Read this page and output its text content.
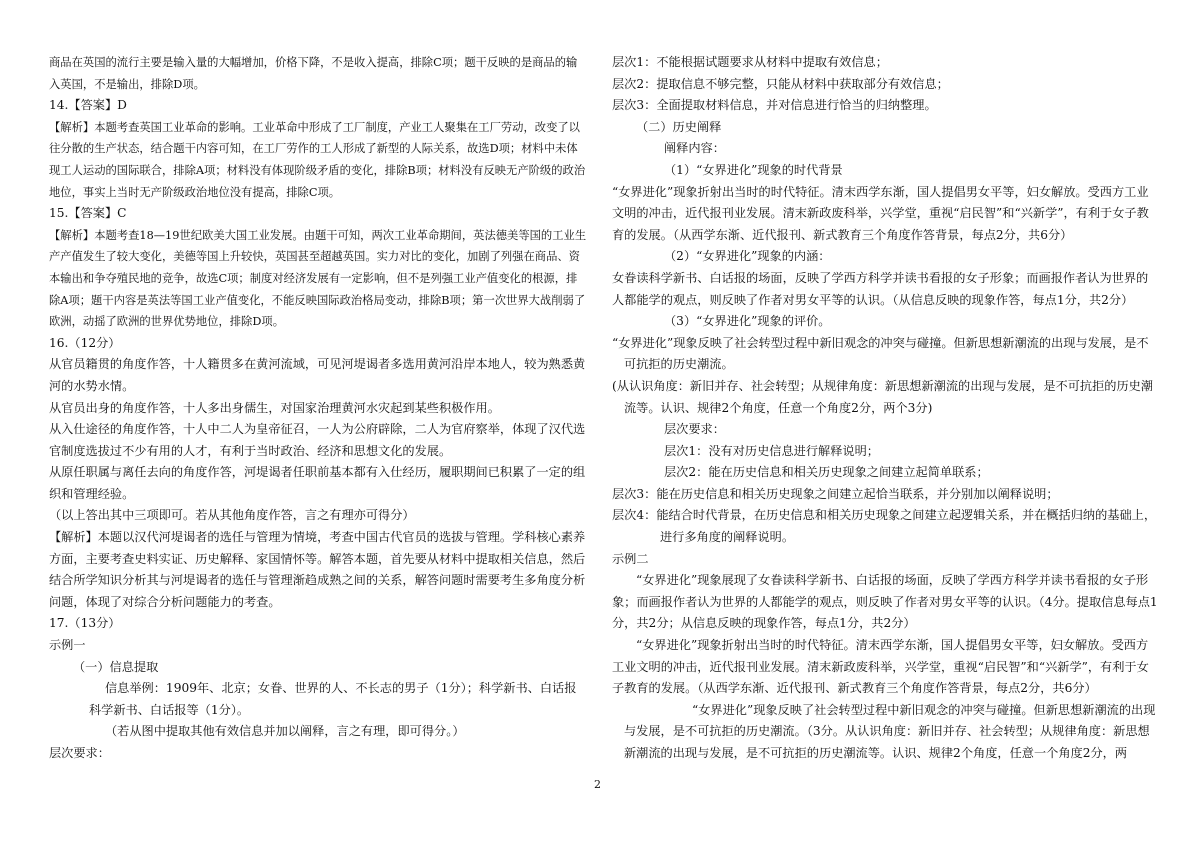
商品在英国的流行主要是输入量的大幅增加，价格下降，不是收入提高，排除C项；题干反映的是商品的输入英国，不是输出，排除D项。

14.【答案】D

【解析】本题考查英国工业革命的影响。工业革命中形成了工厂制度，产业工人聚集在工厂劳动，改变了以往分散的生产状态，结合题干内容可知，在工厂劳作的工人形成了新型的人际关系，故选D项；材料中未体现工人运动的国际联合，排除A项；材料没有体现阶级矛盾的变化，排除B项；材料没有反映无产阶级的政治地位，事实上当时无产阶级政治地位没有提高，排除C项。

15.【答案】C

【解析】本题考查18—19世纪欧美大国工业发展。由题干可知，两次工业革命期间，英法德美等国的工业生产产值发生了较大变化，美德等国上升较快，英国甚至超越英国。实力对比的变化，加剧了列强在商品、资本输出和争夺殖民地的竞争，故选C项；制度对经济发展有一定影响，但不是列强工业产值变化的根源，排除A项；题干内容是英法等国工业产值变化，不能反映国际政治格局变动，排除B项；第一次世界大战削弱了欧洲，动摇了欧洲的世界优势地位，排除D项。

16.（12分）

从官员籍贯的角度作答，十人籍贯多在黄河流域，可见河堤谒者多选用黄河沿岸本地人，较为熟悉黄河的水势水情。

从官员出身的角度作答，十人多出身儒生，对国家治理黄河水灾起到某些积极作用。

从入仕途径的角度作答，十人中二人为皇帝征召，一人为公府辟除，二人为官府察举，体现了汉代选官制度选拔过不少有用的人才，有利于当时政治、经济和思想文化的发展。

从原任职属与离任去向的角度作答，河堤谒者任职前基本都有入仕经历，履职期间已积累了一定的组织和管理经验。

（以上答出其中三项即可。若从其他角度作答，言之有理亦可得分）

【解析】本题以汉代河堤谒者的选任与管理为情境，考查中国古代官员的选拔与管理。学科核心素养方面，主要考查史料实证、历史解释、家国情怀等。解答本题，首先要从材料中提取相关信息，然后结合所学知识分析其与河堤谒者的选任与管理渐趋成熟之间的关系，解答问题时需要考生多角度分析问题，体现了对综合分析问题能力的考查。

17.（13分）

示例一

（一）信息提取

信息举例：1909年、北京；女眷、世界的人、不长志的男子（1分）；科学新书、白话报科学新书、白话报等（1分）。

（若从图中提取其他有效信息并加以阐释，言之有理，即可得分。）

层次要求：

层次1：不能根据试题要求从材料中提取有效信息；

层次2：提取信息不够完整，只能从材料中获取部分有效信息；

层次3：全面提取材料信息，并对信息进行恰当的归纳整理。

（二）历史阐释

阐释内容：

（1）“女界进化”现象的时代背景

“女界进化”现象折射出当时的时代特征。清末西学东渐，国人提倡男女平等，妇女解放。受西方工业文明的冲击，近代报刊业发展。清末新政废科举，兴学堂，重视“启民智”和“兴新学”，有利于女子教育的发展。（从西学东渐、近代报刊、新式教育三个角度作答背景，每点2分，共6分）

（2）“女界进化”现象的内涵：

女眷读科学新书、白话报的场面，反映了学西方科学并读书看报的女子形象；而画报作者认为世界的人都能学的观点，则反映了作者对男女平等的认识。（从信息反映的现象作答，每点1分，共2分）

（3）“女界进化”现象的评价。

“女界进化”现象反映了社会转型过程中新旧观念的冲突与碰撞。但新思想新潮流的出现与发展，是不可抗拒的历史潮流。

(从认识角度：新旧并存、社会转型；从规律角度：新思想新潮流的出现与发展，是不可抗拒的历史潮流等。认识、规律2个角度，任意一个角度2分，两个3分)

层次要求：

层次1：没有对历史信息进行解释说明；

层次2：能在历史信息和相关历史现象之间建立起简单联系；

层次3：能在历史信息和相关历史现象之间建立起恰当联系，并分别加以阐释说明；

层次4：能结合时代背景，在历史信息和相关历史现象之间建立起逻辑关系，并在概括归纳的基础上，进行多角度的阐释说明。

示例二

“女界进化”现象展现了女眷读科学新书、白话报的场面，反映了学西方科学并读书看报的女子形象；而画报作者认为世界的人都能学的观点，则反映了作者对男女平等的认识。（4分。提取信息每点1分，共2分；从信息反映的现象作答，每点1分，共2分）

“女界进化”现象折射出当时的时代特征。清末西学东渐，国人提倡男女平等，妇女解放。受西方工业文明的冲击，近代报刊业发展。清末新政废科举，兴学堂，重视“启民智”和“兴新学”，有利于女子教育的发展。（从西学东渐、近代报刊、新式教育三个角度作答背景，每点2分，共6分）

“女界进化”现象反映了社会转型过程中新旧观念的冲突与碰撞。但新思想新潮流的出现与发展，是不可抗拒的历史潮流。（3分。从认识角度：新旧并存、社会转型；从规律角度：新思想新潮流的出现与发展，是不可抗拒的历史潮流等。认识、规律2个角度，任意一个角度2分，两

2
